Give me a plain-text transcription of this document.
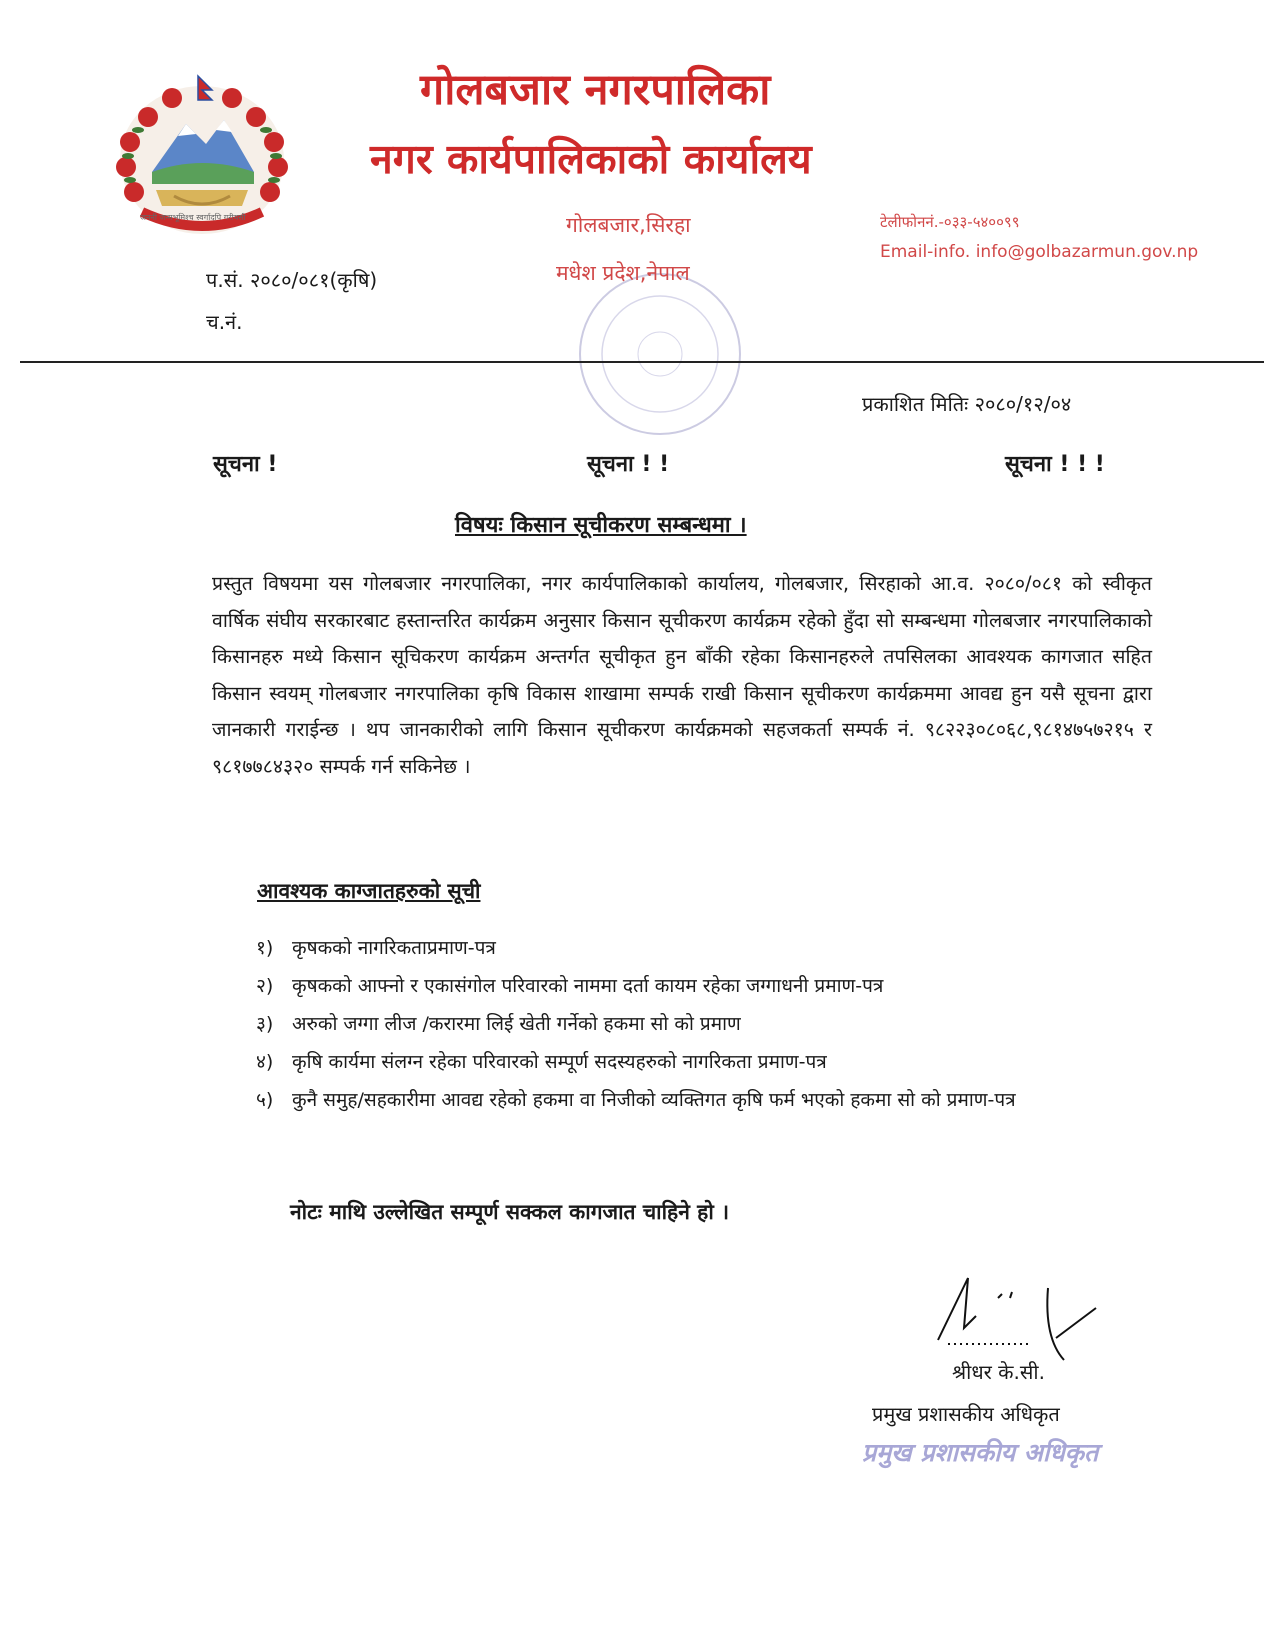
जननी जन्मभूमिश्च स्वर्गादपि गरीयसी
गोलबजार नगरपालिका
नगर कार्यपालिकाको कार्यालय
गोलबजार,सिरहा
मधेश प्रदेश,नेपाल
टेलीफोननं.-०३३-५४००९९
Email-info. info@golbazarmun.gov.np
प.सं. २०८०/०८१(कृषि)
च.नं.
प्रकाशित मितिः २०८०/१२/०४
सूचना !	सूचना ! !	सूचना ! ! !
विषयः किसान सूचीकरण सम्बन्धमा ।
प्रस्तुत विषयमा यस गोलबजार नगरपालिका, नगर कार्यपालिकाको कार्यालय, गोलबजार, सिरहाको आ.व. २०८०/०८१ को स्वीकृत वार्षिक संघीय सरकारबाट हस्तान्तरित कार्यक्रम अनुसार किसान सूचीकरण कार्यक्रम रहेको हुँदा सो सम्बन्धमा गोलबजार नगरपालिकाको किसानहरु मध्ये किसान सूचिकरण कार्यक्रम अन्तर्गत सूचीकृत हुन बाँकी रहेका किसानहरुले तपसिलका आवश्यक कागजात सहित किसान स्वयम् गोलबजार नगरपालिका कृषि विकास शाखामा सम्पर्क राखी किसान सूचीकरण कार्यक्रममा आवद्य हुन यसै सूचना द्वारा जानकारी गराईन्छ । थप जानकारीको लागि किसान सूचीकरण कार्यक्रमको सहजकर्ता सम्पर्क नं. ९८२२३०८०६८,९८१४७५७२१५ र ९८१७७८४३२० सम्पर्क गर्न सकिनेछ ।
आवश्यक काग्जातहरुको सूची
१) कृषकको नागरिकताप्रमाण-पत्र
२) कृषकको आफ्नो र एकासंगोल परिवारको नाममा दर्ता कायम रहेका जग्गाधनी प्रमाण-पत्र
३) अरुको जग्गा लीज /करारमा लिई खेती गर्नेको हकमा सो को प्रमाण
४) कृषि कार्यमा संलग्न रहेका परिवारको सम्पूर्ण सदस्यहरुको नागरिकता प्रमाण-पत्र
५) कुनै समुह/सहकारीमा आवद्य रहेको हकमा वा निजीको व्यक्तिगत कृषि फर्म भएको हकमा सो को प्रमाण-पत्र
नोटः माथि उल्लेखित सम्पूर्ण सक्कल कागजात चाहिने हो ।
श्रीधर के.सी.
प्रमुख प्रशासकीय अधिकृत
प्रमुख प्रशासकीय अधिकृत
